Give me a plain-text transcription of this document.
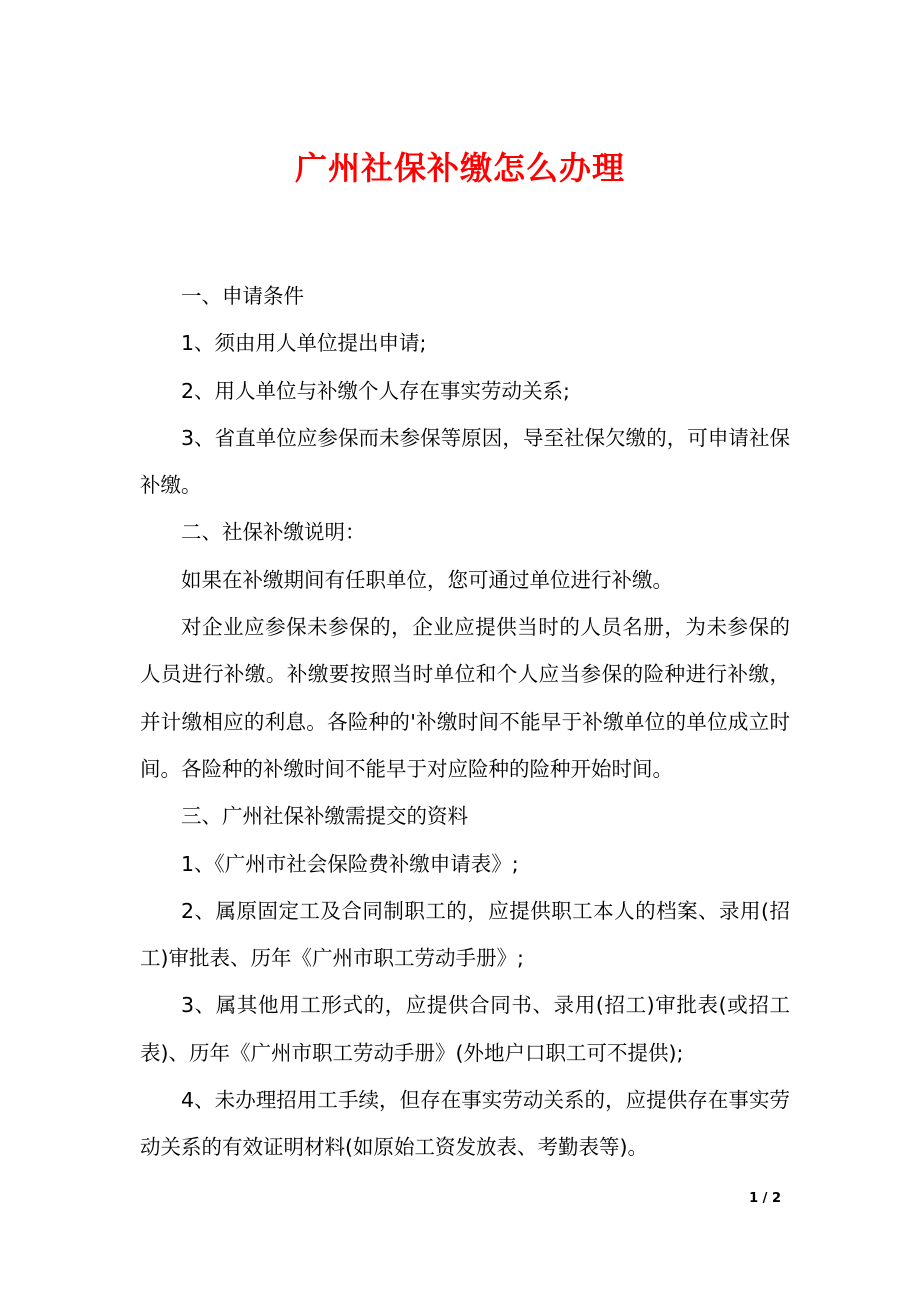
广州社保补缴怎么办理

一、申请条件

1、须由用人单位提出申请;

2、用人单位与补缴个人存在事实劳动关系;

3、省直单位应参保而未参保等原因，导至社保欠缴的，可申请社保补缴。

二、社保补缴说明：

如果在补缴期间有任职单位，您可通过单位进行补缴。

对企业应参保未参保的，企业应提供当时的人员名册，为未参保的人员进行补缴。补缴要按照当时单位和个人应当参保的险种进行补缴，并计缴相应的利息。各险种的'补缴时间不能早于补缴单位的单位成立时间。各险种的补缴时间不能早于对应险种的险种开始时间。

三、广州社保补缴需提交的资料

1、《广州市社会保险费补缴申请表》;

2、属原固定工及合同制职工的，应提供职工本人的档案、录用(招工)审批表、历年《广州市职工劳动手册》;

3、属其他用工形式的，应提供合同书、录用(招工)审批表(或招工表)、历年《广州市职工劳动手册》(外地户口职工可不提供);

4、未办理招用工手续，但存在事实劳动关系的，应提供存在事实劳动关系的有效证明材料(如原始工资发放表、考勤表等)。

1 / 2
